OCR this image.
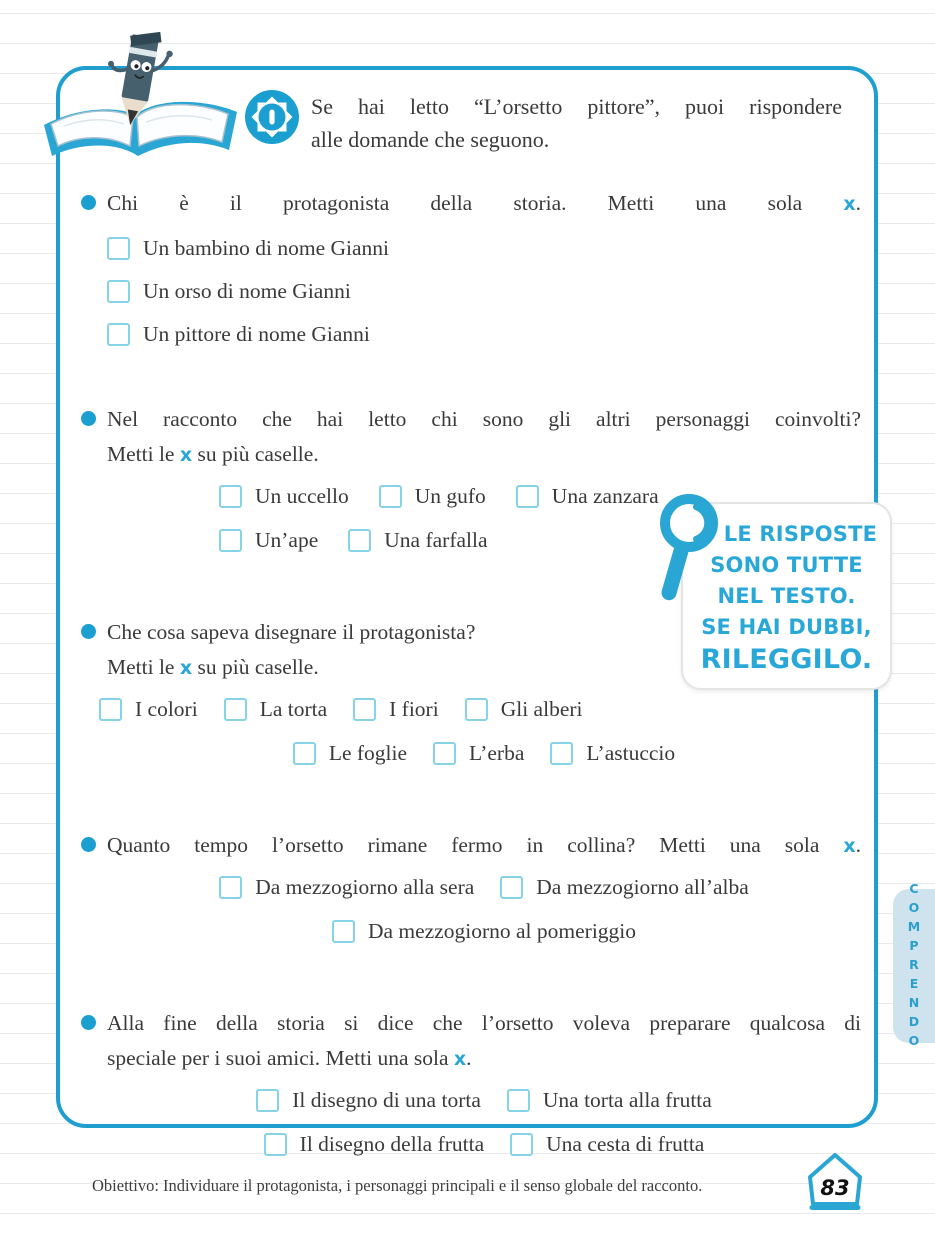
Se hai letto “L’orsetto pittore”, puoi rispondere
alle domande che seguono.

Chi è il protagonista della storia. Metti una sola x.

Un bambino di nome Gianni
Un orso di nome Gianni
Un pittore di nome Gianni

Nel racconto che hai letto chi sono gli altri personaggi coinvolti?
Metti le x su più caselle.

Un uccello	Un gufo	Una zanzara
Un’ape	Una farfalla

Che cosa sapeva disegnare il protagonista?
Metti le x su più caselle.

I colori	La torta	I fiori	Gli alberi
Le foglie	L’erba	L’astuccio

Quanto tempo l’orsetto rimane fermo in collina? Metti una sola x.

Da mezzogiorno alla sera	Da mezzogiorno all’alba
Da mezzogiorno al pomeriggio

Alla fine della storia si dice che l’orsetto voleva preparare qualcosa di
speciale per i suoi amici. Metti una sola x.

Il disegno di una torta	Una torta alla frutta
Il disegno della frutta	Una cesta di frutta
LE RISPOSTE
SONO TUTTE
NEL TESTO.
SE HAI DUBBI,
RILEGGILO.
COMPRENDO
Obiettivo: Individuare il protagonista, i personaggi principali e il senso globale del racconto.	83
